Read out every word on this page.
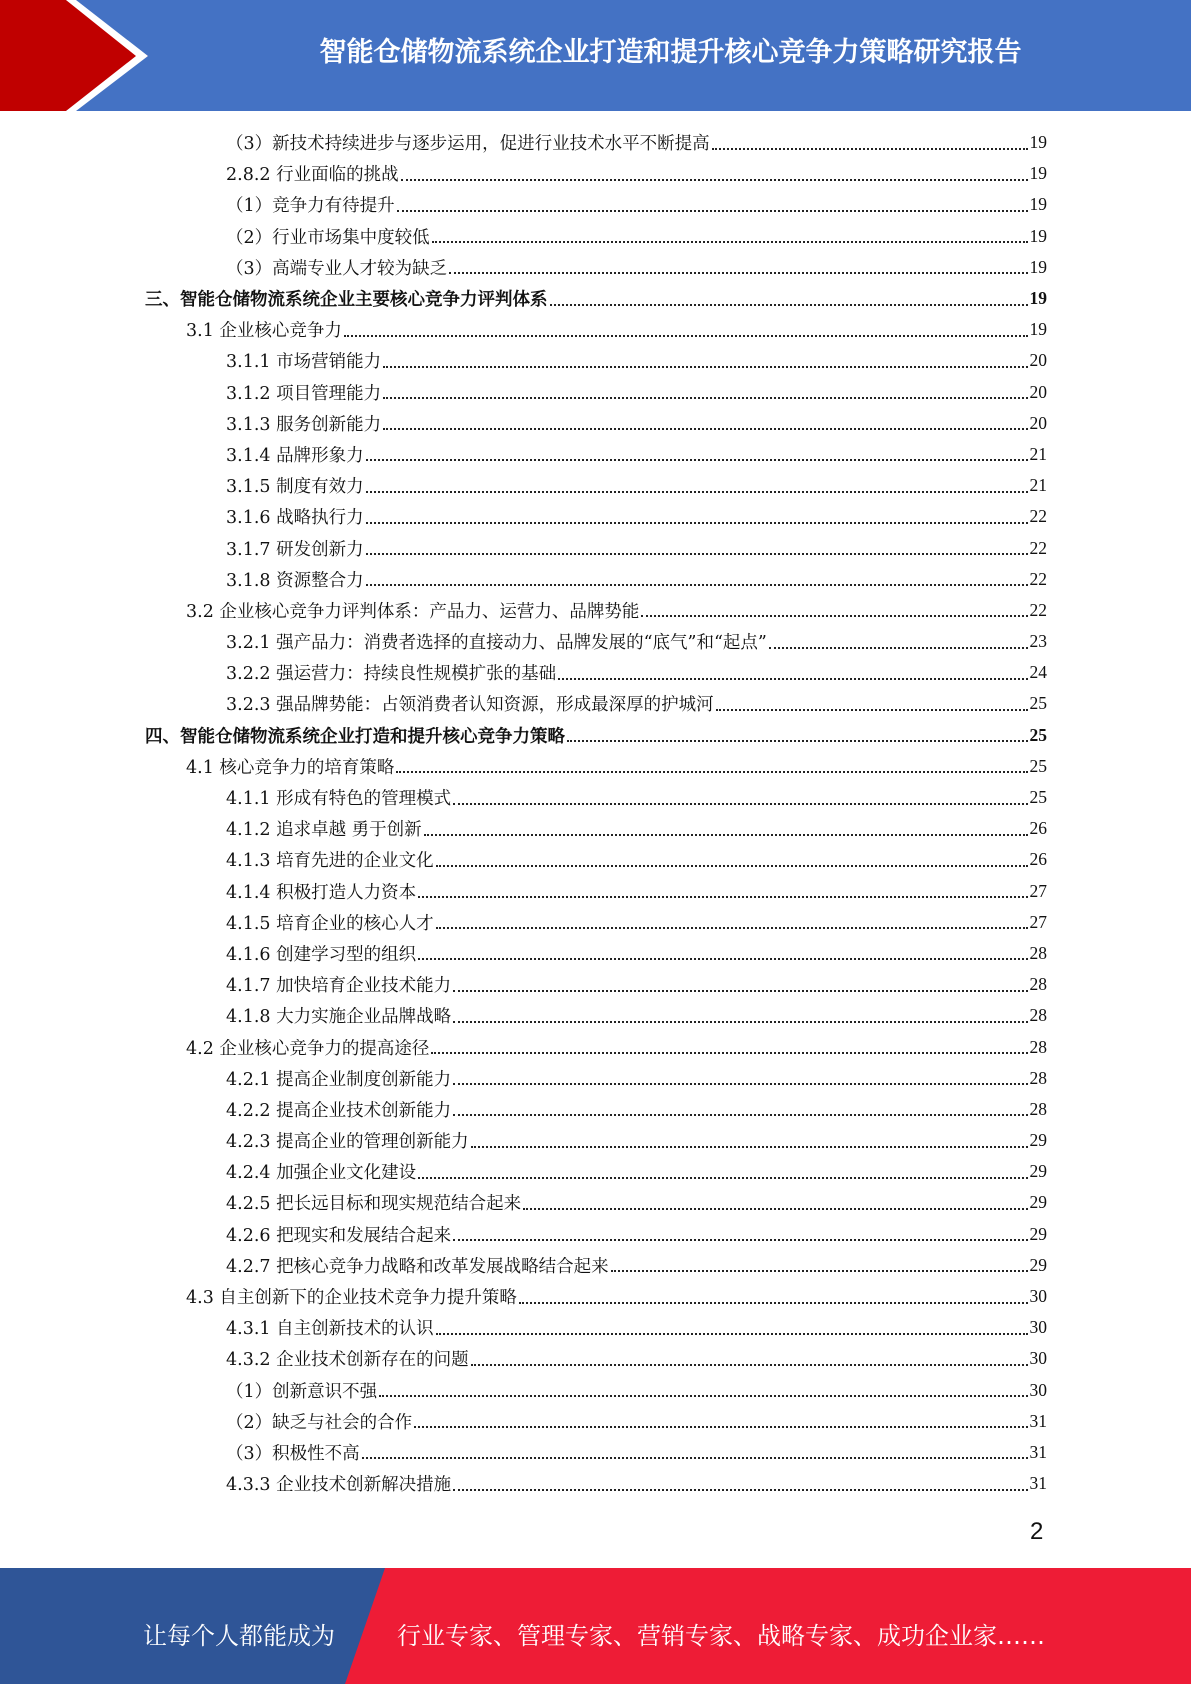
智能仓储物流系统企业打造和提升核心竞争力策略研究报告
（3）新技术持续进步与逐步运用，促进行业技术水平不断提高	19
2.8.2 行业面临的挑战	19
（1）竞争力有待提升	19
（2）行业市场集中度较低	19
（3）高端专业人才较为缺乏	19
三、智能仓储物流系统企业主要核心竞争力评判体系	19
3.1 企业核心竞争力	19
3.1.1 市场营销能力	20
3.1.2 项目管理能力	20
3.1.3 服务创新能力	20
3.1.4 品牌形象力	21
3.1.5 制度有效力	21
3.1.6 战略执行力	22
3.1.7 研发创新力	22
3.1.8 资源整合力	22
3.2 企业核心竞争力评判体系：产品力、运营力、品牌势能	22
3.2.1 强产品力：消费者选择的直接动力、品牌发展的“底气”和“起点”	23
3.2.2 强运营力：持续良性规模扩张的基础	24
3.2.3 强品牌势能：占领消费者认知资源，形成最深厚的护城河	25
四、智能仓储物流系统企业打造和提升核心竞争力策略	25
4.1 核心竞争力的培育策略	25
4.1.1 形成有特色的管理模式	25
4.1.2 追求卓越 勇于创新	26
4.1.3 培育先进的企业文化	26
4.1.4 积极打造人力资本	27
4.1.5 培育企业的核心人才	27
4.1.6 创建学习型的组织	28
4.1.7 加快培育企业技术能力	28
4.1.8 大力实施企业品牌战略	28
4.2 企业核心竞争力的提高途径	28
4.2.1 提高企业制度创新能力	28
4.2.2 提高企业技术创新能力	28
4.2.3 提高企业的管理创新能力	29
4.2.4 加强企业文化建设	29
4.2.5 把长远目标和现实规范结合起来	29
4.2.6 把现实和发展结合起来	29
4.2.7 把核心竞争力战略和改革发展战略结合起来	29
4.3 自主创新下的企业技术竞争力提升策略	30
4.3.1 自主创新技术的认识	30
4.3.2 企业技术创新存在的问题	30
（1）创新意识不强	30
（2）缺乏与社会的合作	31
（3）积极性不高	31
4.3.3 企业技术创新解决措施	31
2
让每个人都能成为	行业专家、管理专家、营销专家、战略专家、成功企业家……
